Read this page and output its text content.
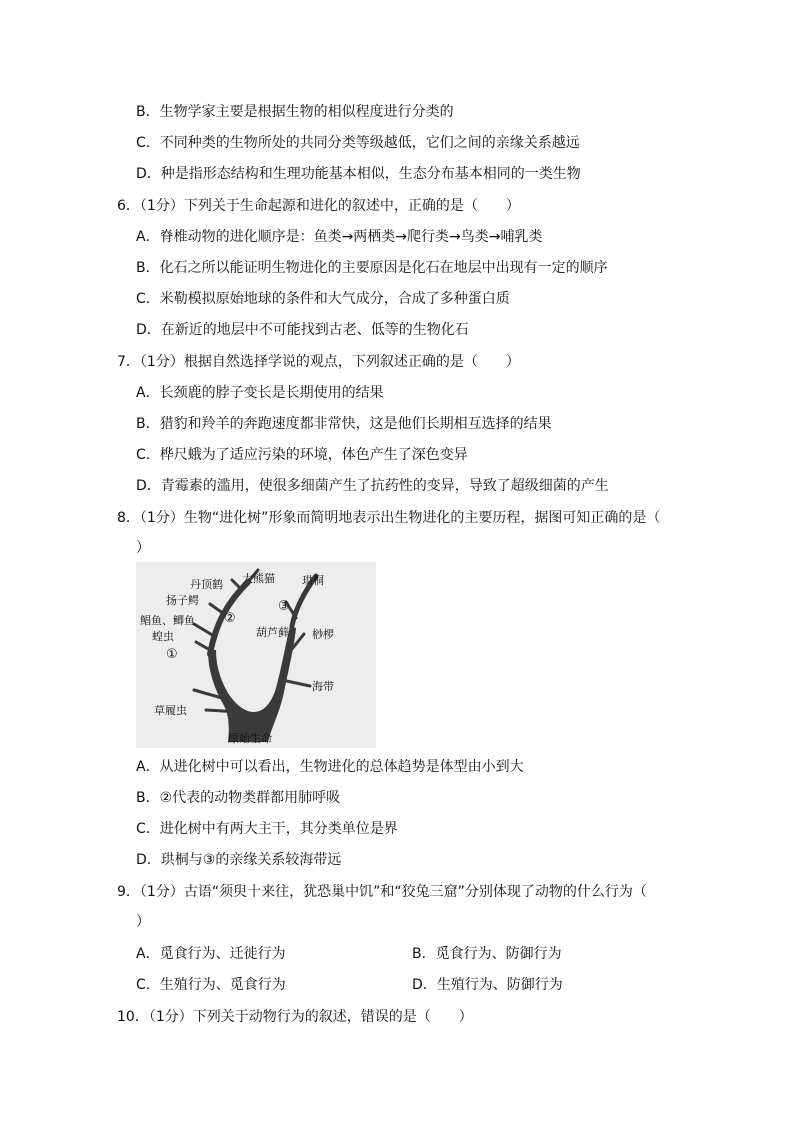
B．生物学家主要是根据生物的相似程度进行分类的
C．不同种类的生物所处的共同分类等级越低，它们之间的亲缘关系越远
D．种是指形态结构和生理功能基本相似，生态分布基本相同的一类生物
6．（1分）下列关于生命起源和进化的叙述中，正确的是（　　）
A．脊椎动物的进化顺序是：鱼类→两栖类→爬行类→鸟类→哺乳类
B．化石之所以能证明生物进化的主要原因是化石在地层中出现有一定的顺序
C．米勒模拟原始地球的条件和大气成分，合成了多种蛋白质
D．在新近的地层中不可能找到古老、低等的生物化石
7．（1分）根据自然选择学说的观点，下列叙述正确的是（　　）
A．长颈鹿的脖子变长是长期使用的结果
B．猎豹和羚羊的奔跑速度都非常快，这是他们长期相互选择的结果
C．桦尺蛾为了适应污染的环境，体色产生了深色变异
D．青霉素的滥用，使很多细菌产生了抗药性的变异，导致了超级细菌的产生
8．（1分）生物“进化树”形象而简明地表示出生物进化的主要历程，据图可知正确的是（
）
丹顶鹤 大熊猫
扬子鳄
鲳鱼、鲫鱼
蝗虫
①
②
③
珙桐
葫芦藓 桫椤
海带
草履虫
原始生命
A．从进化树中可以看出，生物进化的总体趋势是体型由小到大
B．②代表的动物类群都用肺呼吸
C．进化树中有两大主干，其分类单位是界
D．珙桐与③的亲缘关系较海带远
9．（1分）古语“须臾十来往，犹恐巢中饥”和“狡兔三窟”分别体现了动物的什么行为（
）
A．觅食行为、迁徙行为	B．觅食行为、防御行为
C．生殖行为、觅食行为	D．生殖行为、防御行为
10．（1分）下列关于动物行为的叙述，错误的是（　　）
